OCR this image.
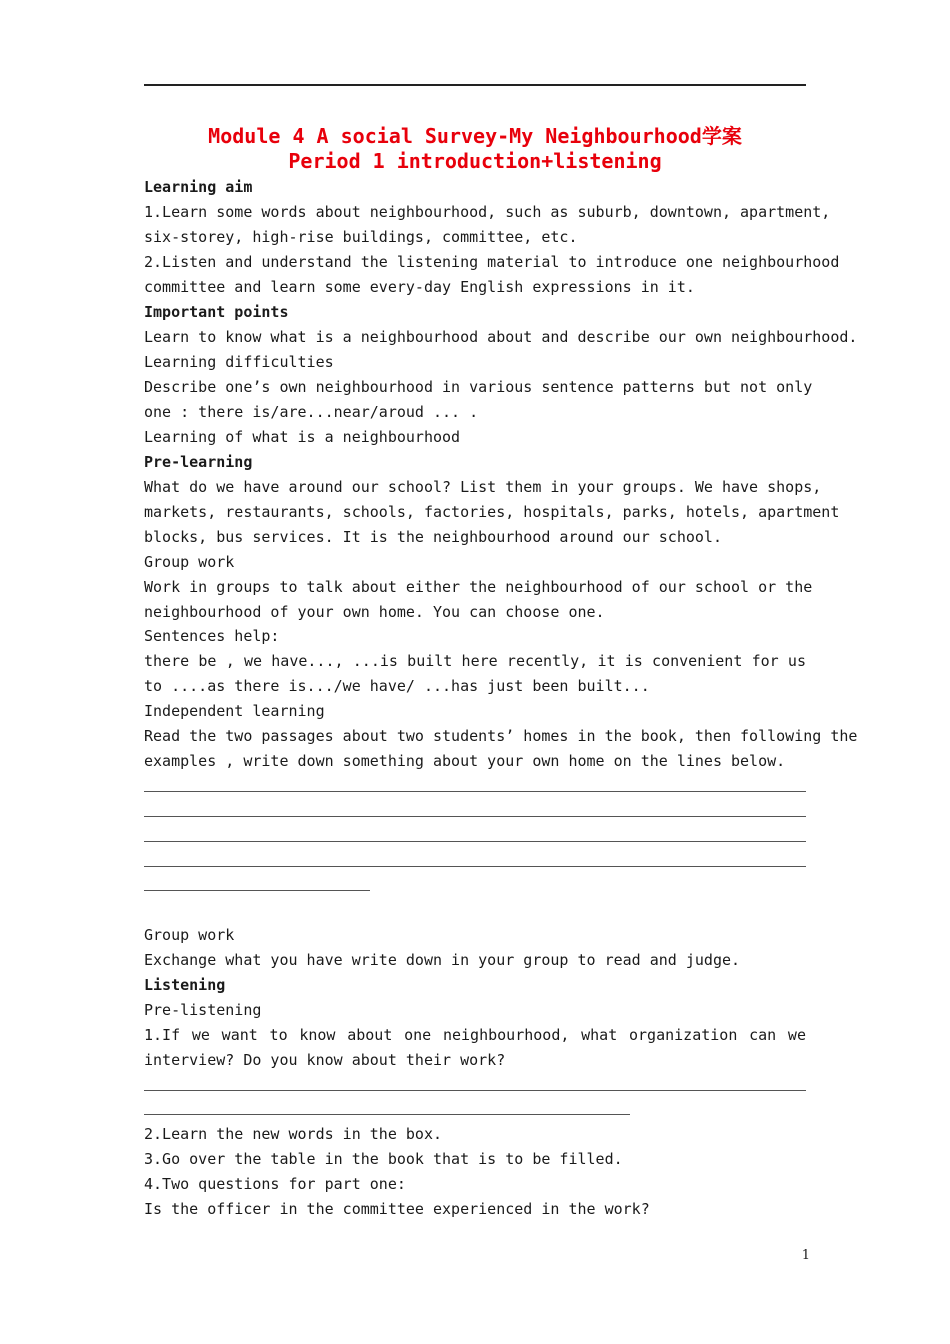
Module 4 A social Survey-My Neighbourhood学案
Period 1 introduction+listening
Learning aim
1.Learn some words about neighbourhood, such as suburb, downtown, apartment,
six-storey, high-rise buildings, committee, etc.
2.Listen and understand the listening material to introduce one neighbourhood
committee and learn some every-day English expressions in it.
Important points
Learn to know what is a neighbourhood about and describe our own neighbourhood.
Learning difficulties
Describe one’s own neighbourhood in various sentence patterns but not only
one : there is/are...near/aroud ... .
Learning of what is a neighbourhood
Pre-learning
What do we have around our school? List them in your groups. We have shops,
markets, restaurants, schools, factories, hospitals, parks, hotels, apartment
blocks, bus services. It is the neighbourhood around our school.
Group work
Work in groups to talk about either the neighbourhood of our school or the
neighbourhood of your own home. You can choose one.
Sentences help:
there be , we have..., ...is built here recently, it is convenient for us
to ....as there is.../we have/ ...has just been built...
Independent learning
Read the two passages about two students’ homes in the book, then following the
examples , write down something about your own home on the lines below.
Group work
Exchange what you have write down in your group to read and judge.
Listening
Pre-listening
1.If we want to know about one neighbourhood, what organization can we
interview? Do you know about their work?
2.Learn the new words in the box.
3.Go over the table in the book that is to be filled.
4.Two questions for part one:
Is the officer in the committee experienced in the work?
1
